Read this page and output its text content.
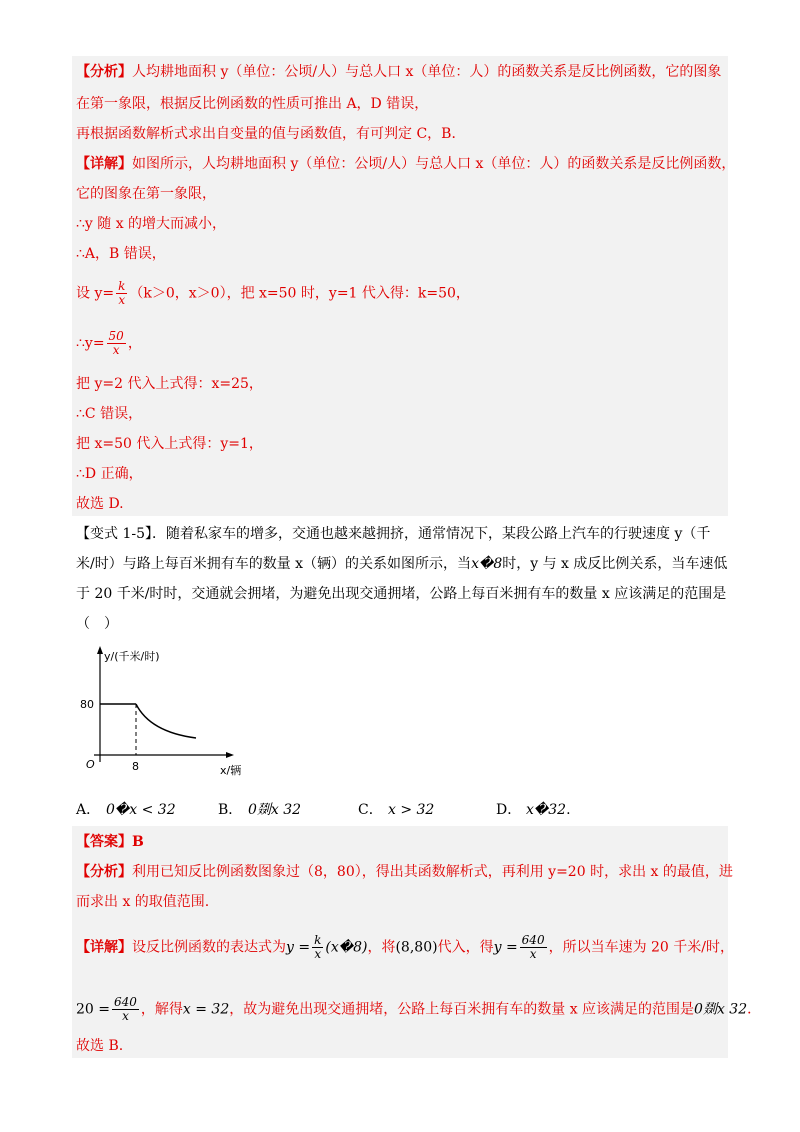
【分析】人均耕地面积 y（单位：公顷/人）与总人口 x（单位：人）的函数关系是反比例函数，它的图象
在第一象限，根据反比例函数的性质可推出 A，D 错误，
再根据函数解析式求出自变量的值与函数值，有可判定 C，B．
【详解】如图所示，人均耕地面积 y（单位：公顷/人）与总人口 x（单位：人）的函数关系是反比例函数，
它的图象在第一象限，
∴y 随 x 的增大而减小，
∴A，B 错误，
设 $y= \frac{k}{x} (k>0$，x＞0），把 x=50 时，y=1 代入得：k=50，
∴y= $\frac{50}{x}$ ，
把 y=2 代入上式得：x=25，
∴C 错误，
把 x=50 代入上式得：y=1，
∴D 正确，
故选 D.
【变式 1-5】．随着私家车的增多，交通也越来越拥挤，通常情况下，某段公路上汽车的行驶速度 y（千
米/时）与路上每百米拥有车的数量 x（辆）的关系如图所示，当x�8时，y 与 x 成反比例关系，当车速低
于 20 千米/时时，交通就会拥堵，为避免出现交通拥堵，公路上每百米拥有车的数量 x 应该满足的范围是
（　）
y/(千米/时)
80
8
O	x/辆
A． 0�x < 32	B． 0剟x 32	C． x > 32	D． x�32.
【答案】B
【分析】利用已知反比例函数图象过（8，80），得出其函数解析式，再利用 y=20 时，求出 x 的最值，进
而求出 x 的取值范围.
【详解】设反比例函数的表达式为$y = \frac{k}{x}$ (x�8)，将(8,80)代入，得$y = \frac{640}{x}$ ，所以当车速为 20 千米/时，
$20 = \frac{640}{x}$ ，解得x = 32，故为避免出现交通拥堵，公路上每百米拥有车的数量 x 应该满足的范围是0剟x 32．
故选 B.
